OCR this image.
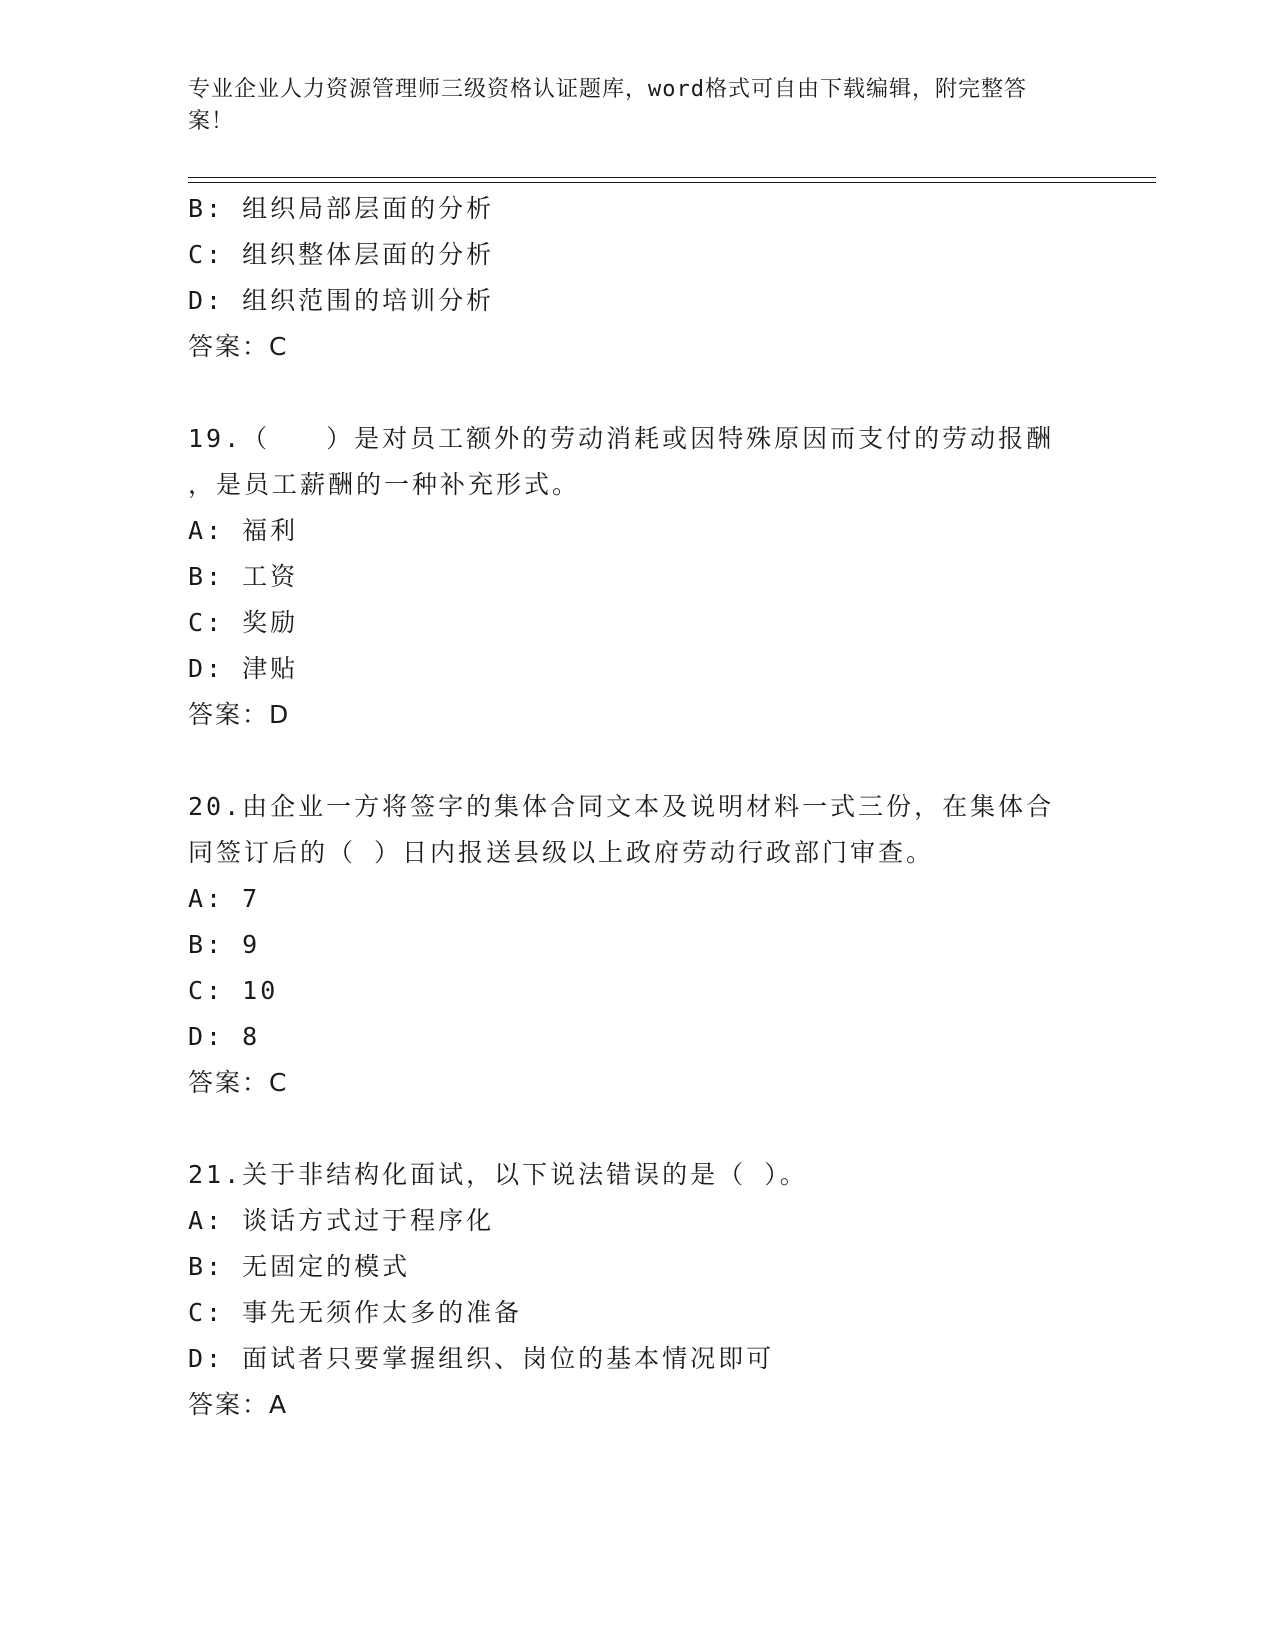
专业企业人力资源管理师三级资格认证题库，word格式可自由下载编辑，附完整答案！
B: 组织局部层面的分析
C: 组织整体层面的分析
D: 组织范围的培训分析
答案：C
19.（　　）是对员工额外的劳动消耗或因特殊原因而支付的劳动报酬
，是员工薪酬的一种补充形式。
A: 福利
B: 工资
C: 奖励
D: 津贴
答案：D
20.由企业一方将签字的集体合同文本及说明材料一式三份，在集体合
同签订后的（ ）日内报送县级以上政府劳动行政部门审查。
A: 7
B: 9
C: 10
D: 8
答案：C
21.关于非结构化面试，以下说法错误的是（ ）。
A: 谈话方式过于程序化
B: 无固定的模式
C: 事先无须作太多的准备
D: 面试者只要掌握组织、岗位的基本情况即可
答案：A
